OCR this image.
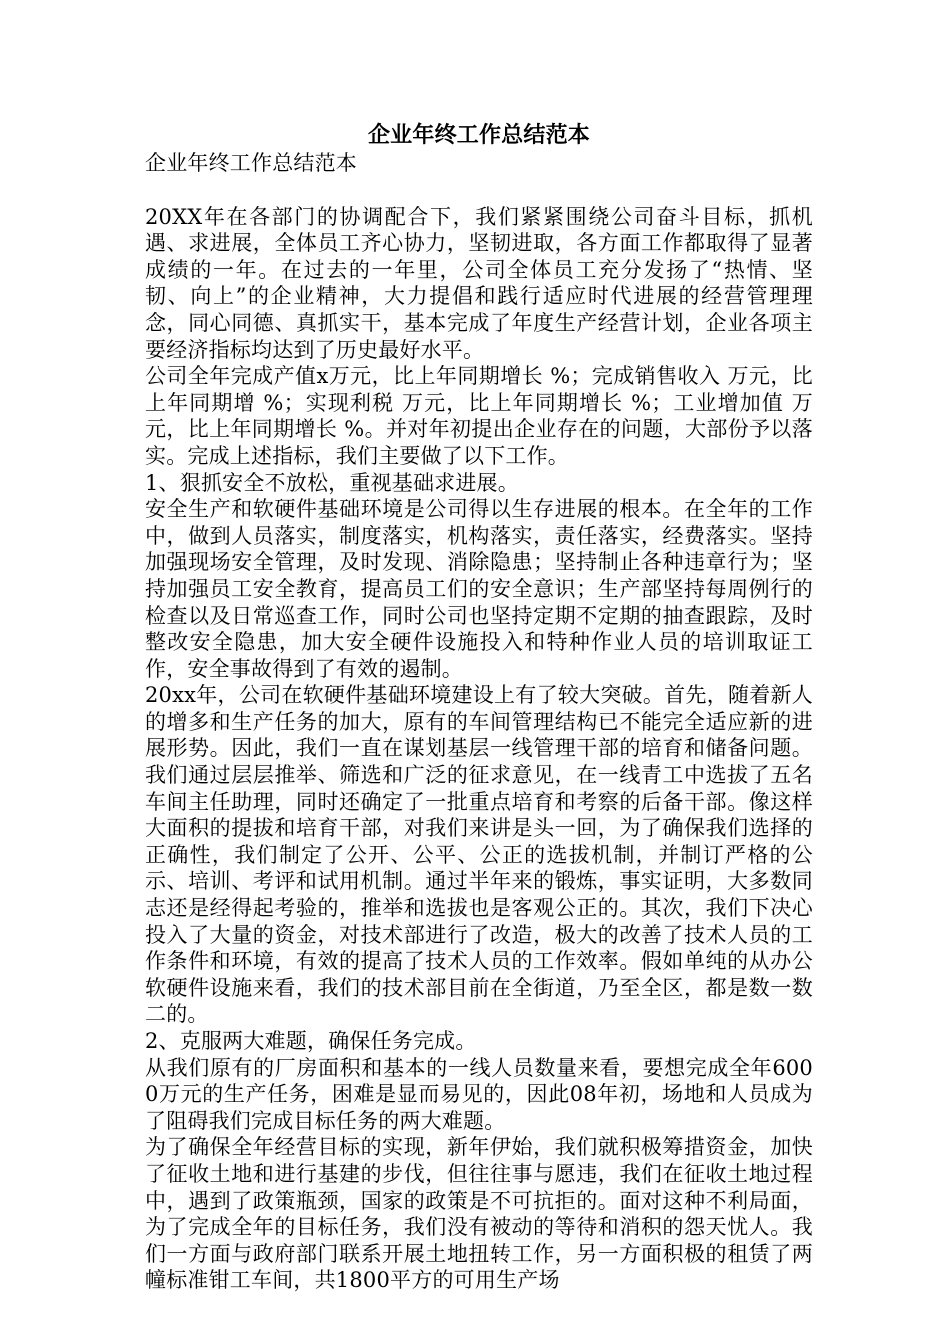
企业年终工作总结范本
企业年终工作总结范本

20XX年在各部门的协调配合下，我们紧紧围绕公司奋斗目标，抓机遇、求进展，全体员工齐心协力，坚韧进取，各方面工作都取得了显著成绩的一年。在过去的一年里，公司全体员工充分发扬了“热情、坚韧、向上”的企业精神，大力提倡和践行适应时代进展的经营管理理念，同心同德、真抓实干，基本完成了年度生产经营计划，企业各项主要经济指标均达到了历史最好水平。

公司全年完成产值x万元，比上年同期增长 %；完成销售收入 万元，比上年同期增 %；实现利税 万元，比上年同期增长 %；工业增加值 万元，比上年同期增长 %。并对年初提出企业存在的问题，大部份予以落实。完成上述指标，我们主要做了以下工作。

1、狠抓安全不放松，重视基础求进展。

安全生产和软硬件基础环境是公司得以生存进展的根本。在全年的工作中，做到人员落实，制度落实，机构落实，责任落实，经费落实。坚持加强现场安全管理，及时发现、消除隐患；坚持制止各种违章行为；坚持加强员工安全教育，提高员工们的安全意识；生产部坚持每周例行的检查以及日常巡查工作，同时公司也坚持定期不定期的抽查跟踪，及时整改安全隐患，加大安全硬件设施投入和特种作业人员的培训取证工作，安全事故得到了有效的遏制。

20xx年，公司在软硬件基础环境建设上有了较大突破。首先，随着新人的增多和生产任务的加大，原有的车间管理结构已不能完全适应新的进展形势。因此，我们一直在谋划基层一线管理干部的培育和储备问题。我们通过层层推举、筛选和广泛的征求意见，在一线青工中选拔了五名车间主任助理，同时还确定了一批重点培育和考察的后备干部。像这样大面积的提拔和培育干部，对我们来讲是头一回，为了确保我们选择的正确性，我们制定了公开、公平、公正的选拔机制，并制订严格的公示、培训、考评和试用机制。通过半年来的锻炼，事实证明，大多数同志还是经得起考验的，推举和选拔也是客观公正的。其次，我们下决心投入了大量的资金，对技术部进行了改造，极大的改善了技术人员的工作条件和环境，有效的提高了技术人员的工作效率。假如单纯的从办公软硬件设施来看，我们的技术部目前在全街道，乃至全区，都是数一数二的。

2、克服两大难题，确保任务完成。

从我们原有的厂房面积和基本的一线人员数量来看，要想完成全年6000万元的生产任务，困难是显而易见的，因此08年初，场地和人员成为了阻碍我们完成目标任务的两大难题。

为了确保全年经营目标的实现，新年伊始，我们就积极筹措资金，加快了征收土地和进行基建的步伐，但往往事与愿违，我们在征收土地过程中，遇到了政策瓶颈，国家的政策是不可抗拒的。面对这种不利局面，为了完成全年的目标任务，我们没有被动的等待和消积的怨天忧人。我们一方面与政府部门联系开展土地扭转工作，另一方面积极的租赁了两幢标准钳工车间，共1800平方的可用生产场
